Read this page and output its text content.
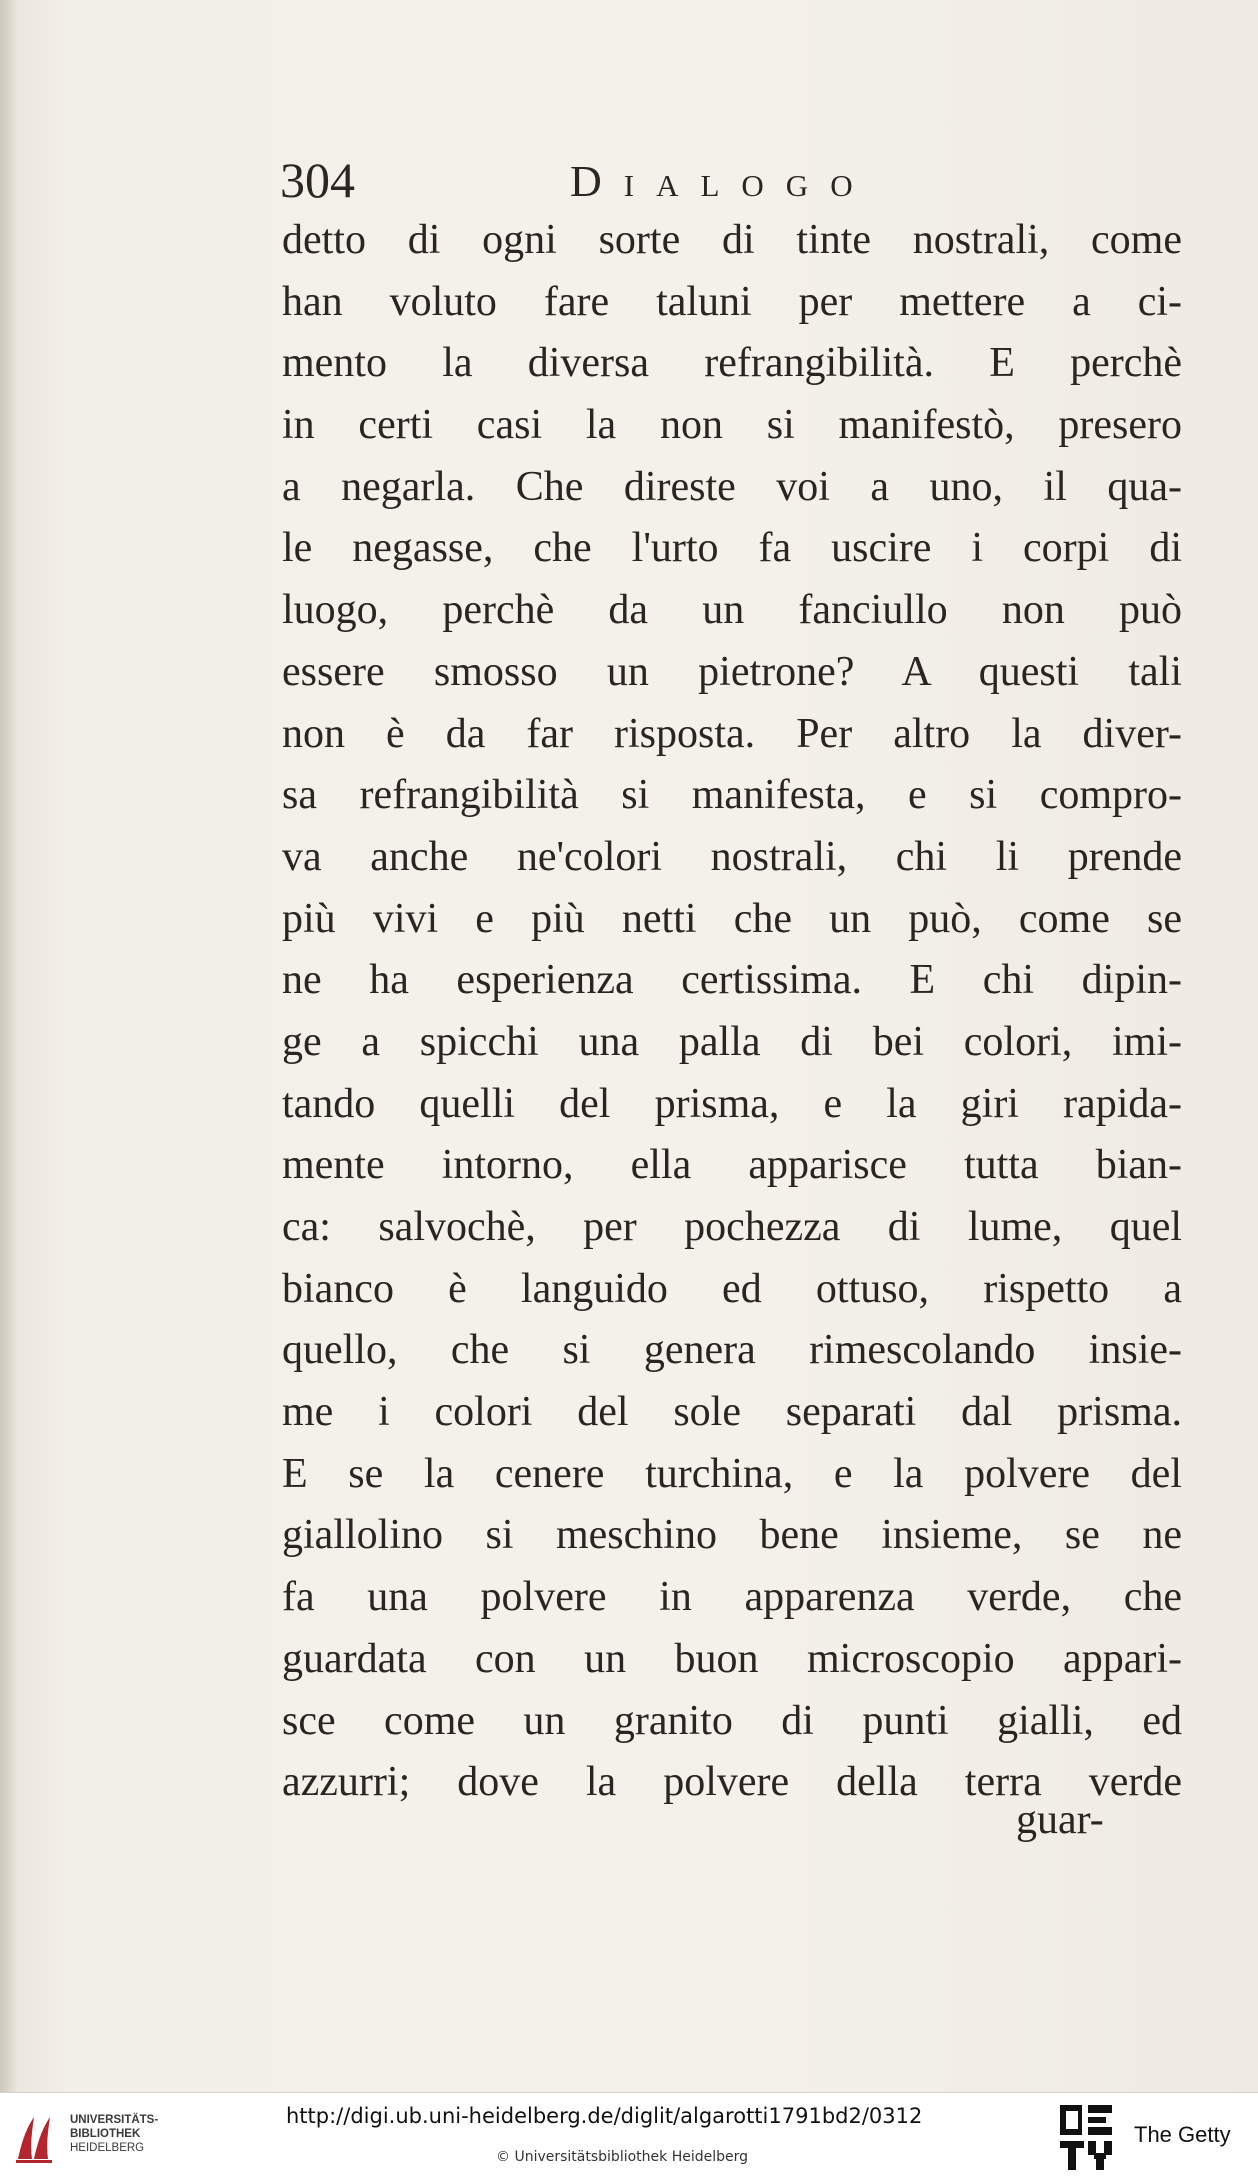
304	Dialogo
detto di ogni sorte di tinte nostrali, come
han voluto fare taluni per mettere a ci-
mento la diversa refrangibilità. E perchè
in certi casi la non si manifestò, presero
a negarla. Che direste voi a uno, il qua-
le negasse, che l'urto fa uscire i corpi di
luogo, perchè da un fanciullo non può
essere smosso un pietrone? A questi tali
non è da far risposta. Per altro la diver-
sa refrangibilità si manifesta, e si compro-
va anche ne'colori nostrali, chi li prende
più vivi e più netti che un può, come se
ne ha esperienza certissima. E chi dipin-
ge a spicchi una palla di bei colori, imi-
tando quelli del prisma, e la giri rapida-
mente intorno, ella apparisce tutta bian-
ca: salvochè, per pochezza di lume, quel
bianco è languido ed ottuso, rispetto a
quello, che si genera rimescolando insie-
me i colori del sole separati dal prisma.
E se la cenere turchina, e la polvere del
giallolino si meschino bene insieme, se ne
fa una polvere in apparenza verde, che
guardata con un buon microscopio appari-
sce come un granito di punti gialli, ed
azzurri; dove la polvere della terra verde
guar-
UNIVERSITÄTS-
BIBLIOTHEK
HEIDELBERG
http://digi.ub.uni-heidelberg.de/diglit/algarotti1791bd2/0312
© Universitätsbibliothek Heidelberg
The Getty
